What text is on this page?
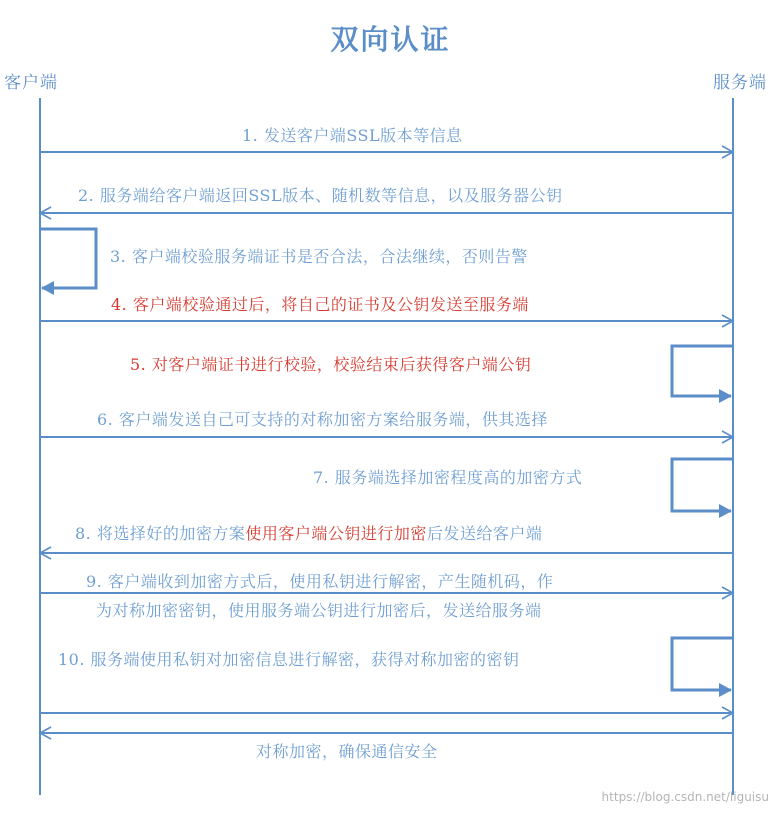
双向认证
客户端	服务端
1. 发送客户端SSL版本等信息
2. 服务端给客户端返回SSL版本、随机数等信息，以及服务器公钥
3. 客户端校验服务端证书是否合法，合法继续，否则告警
4. 客户端校验通过后，将自己的证书及公钥发送至服务端
5. 对客户端证书进行校验，校验结束后获得客户端公钥
6. 客户端发送自己可支持的对称加密方案给服务端，供其选择
7. 服务端选择加密程度高的加密方式
8. 将选择好的加密方案使用客户端公钥进行加密后发送给客户端
9. 客户端收到加密方式后，使用私钥进行解密，产生随机码，作
为对称加密密钥，使用服务端公钥进行加密后，发送给服务端
10. 服务端使用私钥对加密信息进行解密，获得对称加密的密钥
对称加密，确保通信安全
https://blog.csdn.net/liguisu
